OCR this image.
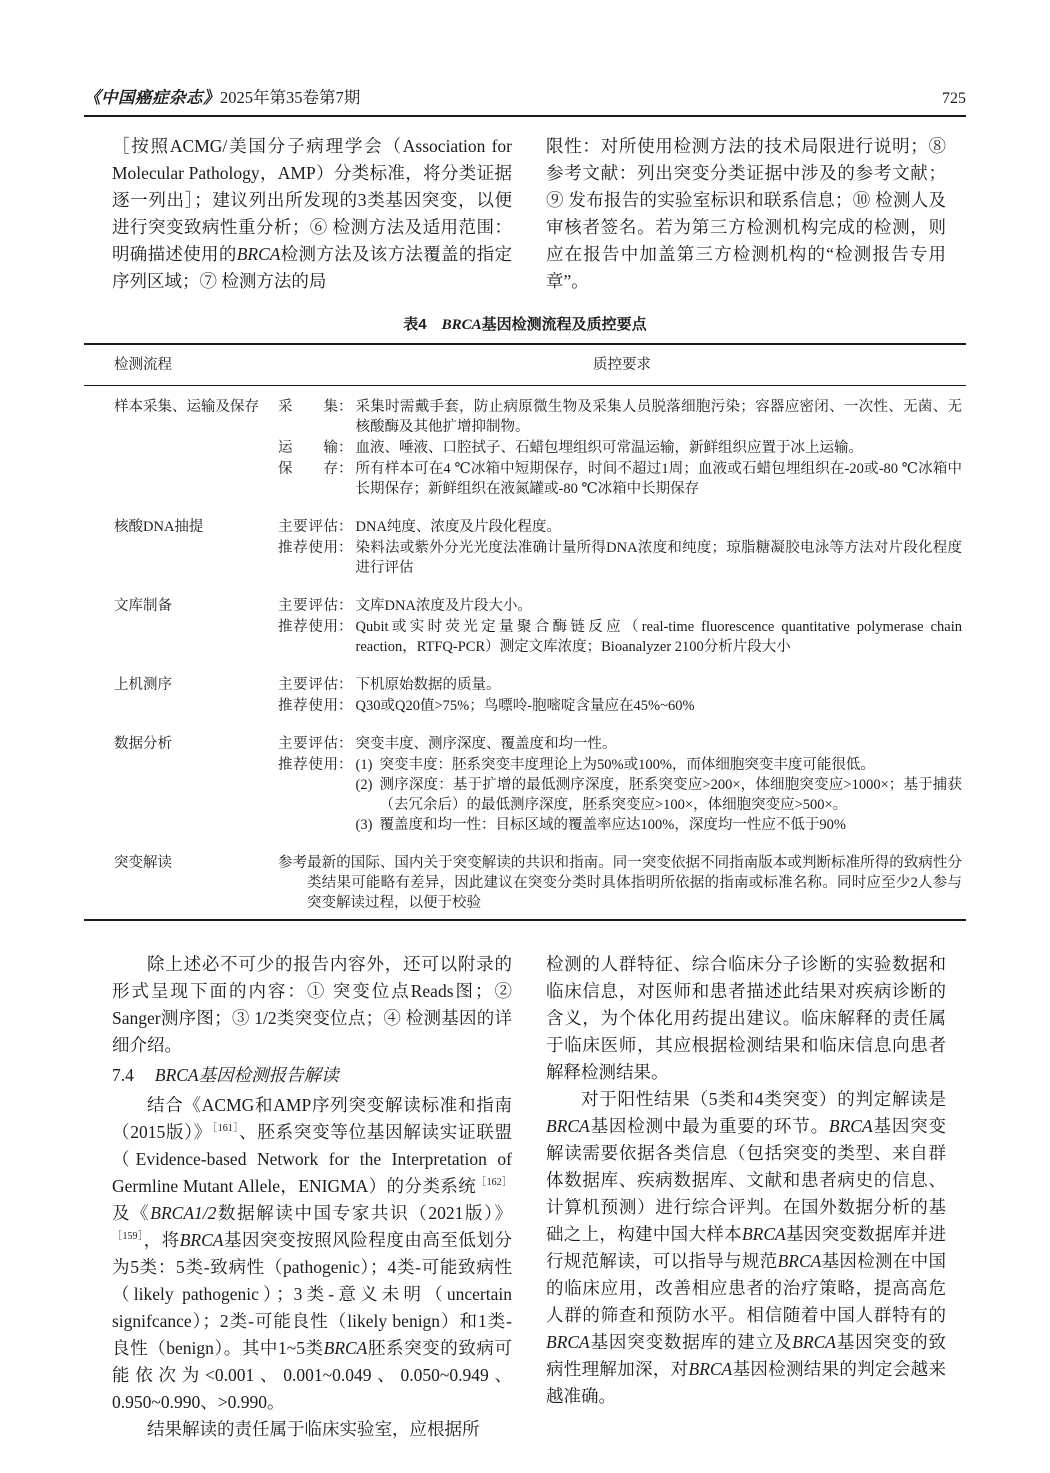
《中国癌症杂志》2025年第35卷第7期	725

［按照ACMG/美国分子病理学会（Association for Molecular Pathology，AMP）分类标准，将分类证据逐一列出］；建议列出所发现的3类基因突变，以便进行突变致病性重分析；⑥ 检测方法及适用范围：明确描述使用的BRCA检测方法及该方法覆盖的指定序列区域；⑦ 检测方法的局

限性：对所使用检测方法的技术局限进行说明；⑧ 参考文献：列出突变分类证据中涉及的参考文献；⑨ 发布报告的实验室标识和联系信息；⑩ 检测人及审核者签名。若为第三方检测机构完成的检测，则应在报告中加盖第三方检测机构的“检测报告专用章”。

表4　BRCA基因检测流程及质控要点
检测流程	质控要求
样本采集、运输及保存	采集 ： 采集时需戴手套，防止病原微生物及采集人员脱落细胞污染；容器应密闭、一次性、无菌、无核酸酶及其他扩增抑制物。
运输 ： 血液、唾液、口腔拭子、石蜡包埋组织可常温运输，新鲜组织应置于冰上运输。
保存 ： 所有样本可在4 ℃冰箱中短期保存，时间不超过1周；血液或石蜡包埋组织在-20或-80 ℃冰箱中长期保存；新鲜组织在液氮罐或-80 ℃冰箱中长期保存
核酸DNA抽提	主要评估 ： DNA纯度、浓度及片段化程度。
推荐使用 ： 染料法或紫外分光光度法准确计量所得DNA浓度和纯度；琼脂糖凝胶电泳等方法对片段化程度进行评估
文库制备	主要评估 ： 文库DNA浓度及片段大小。
推荐使用 ： Qubit或实时荧光定量聚合酶链反应（real-time fluorescence quantitative polymerase chain reaction，RTFQ-PCR）测定文库浓度；Bioanalyzer 2100分析片段大小
上机测序	主要评估 ： 下机原始数据的质量。
推荐使用 ： Q30或Q20值>75%；鸟嘌呤-胞嘧啶含量应在45%~60%
数据分析	主要评估 ： 突变丰度、测序深度、覆盖度和均一性。
推荐使用 ： (1) 突变丰度：胚系突变丰度理论上为50%或100%，而体细胞突变丰度可能很低。
(2) 测序深度：基于扩增的最低测序深度，胚系突变应>200×，体细胞突变应>1000×；基于捕获（去冗余后）的最低测序深度，胚系突变应>100×，体细胞突变应>500×。
(3) 覆盖度和均一性：目标区域的覆盖率应达100%，深度均一性应不低于90%
突变解读	参考最新的国际、国内关于突变解读的共识和指南。同一突变依据不同指南版本或判断标准所得的致病性分类结果可能略有差异，因此建议在突变分类时具体指明所依据的指南或标准名称。同时应至少2人参与突变解读过程，以便于校验

除上述必不可少的报告内容外，还可以附录的形式呈现下面的内容：① 突变位点Reads图；② Sanger测序图；③ 1/2类突变位点；④ 检测基因的详细介绍。

7.4 BRCA基因检测报告解读

结合《ACMG和AMP序列突变解读标准和指南（2015版）》$^{[161]}$、胚系突变等位基因解读实证联盟（Evidence-based Network for the Interpretation of Germline Mutant Allele，ENIGMA）的分类系统$^{[162]}$及《BRCA1/2数据解读中国专家共识（2021版）》$^{[159]}$，将BRCA基因突变按照风险程度由高至低划分为5类：5类-致病性（pathogenic）；4类-可能致病性（likely pathogenic）；3类-意义未明（uncertain signifcance）；2类-可能良性（likely benign）和1类-良性（benign）。其中1~5类BRCA胚系突变的致病可能依次为<0.001、0.001~0.049、0.050~0.949、0.950~0.990、>0.990。

结果解读的责任属于临床实验室，应根据所

检测的人群特征、综合临床分子诊断的实验数据和临床信息，对医师和患者描述此结果对疾病诊断的含义，为个体化用药提出建议。临床解释的责任属于临床医师，其应根据检测结果和临床信息向患者解释检测结果。

对于阳性结果（5类和4类突变）的判定解读是BRCA基因检测中最为重要的环节。BRCA基因突变解读需要依据各类信息（包括突变的类型、来自群体数据库、疾病数据库、文献和患者病史的信息、计算机预测）进行综合评判。在国外数据分析的基础之上，构建中国大样本BRCA基因突变数据库并进行规范解读，可以指导与规范BRCA基因检测在中国的临床应用，改善相应患者的治疗策略，提高高危人群的筛查和预防水平。相信随着中国人群特有的BRCA基因突变数据库的建立及BRCA基因突变的致病性理解加深，对BRCA基因检测结果的判定会越来越准确。
